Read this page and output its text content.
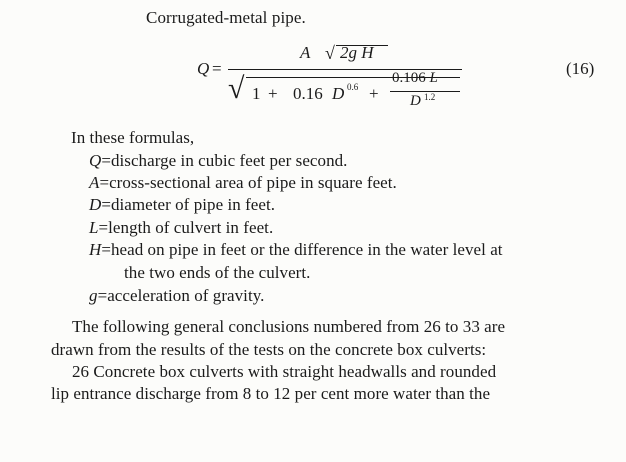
Corrugated-metal pipe.
Q =
A √ 2g H
√ 1 + 0.16 D 0.6 +
0.106 L
D 1.2
(16)
In these formulas,
Q=discharge in cubic feet per second.
A=cross-sectional area of pipe in square feet.
D=diameter of pipe in feet.
L=length of culvert in feet.
H=head on pipe in feet or the difference in the water level at
the two ends of the culvert.
g=acceleration of gravity.
The following general conclusions numbered from 26 to 33 are
drawn from the results of the tests on the concrete box culverts:
26 Concrete box culverts with straight headwalls and rounded
lip entrance discharge from 8 to 12 per cent more water than the
